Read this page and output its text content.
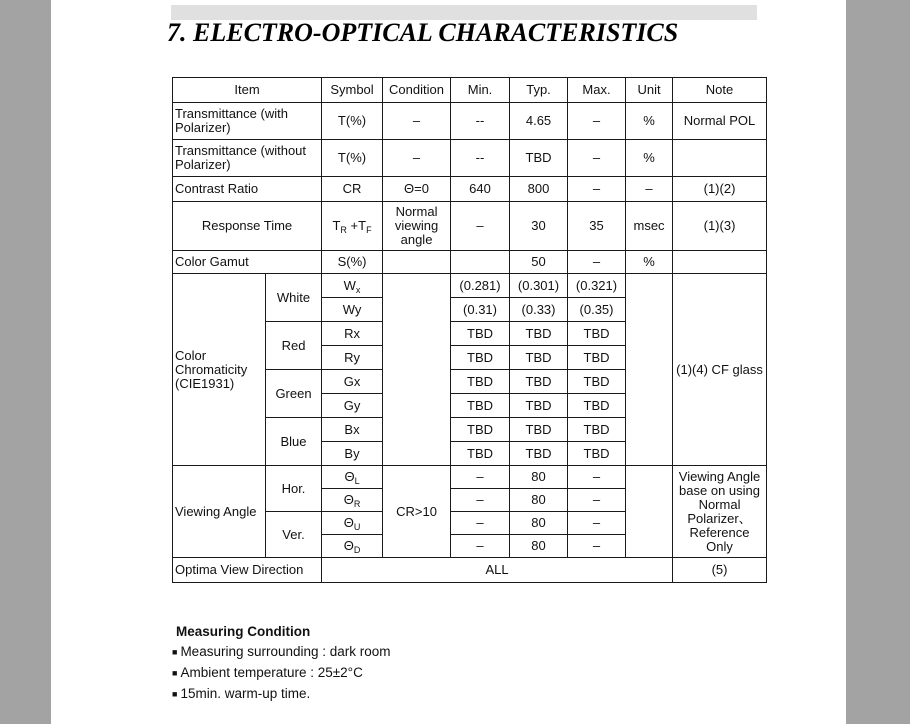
7. ELECTRO-OPTICAL CHARACTERISTICS
Item		Symbol	Condition	Min.	Typ.	Max.	Unit	Note
Transmittance (with Polarizer)		T(%)	–	--	4.65	–	%	Normal POL
Transmittance (without Polarizer)		T(%)	–	--	TBD	–	%	
Contrast Ratio		CR	Θ=0	640	800	–	–	(1)(2)
Response Time		$T_R +T_F$	Normal viewing angle	–	30	35	msec	(1)(3)
Color Gamut		S(%)			50	–	%	
Color Chromaticity (CIE1931)	White	$W_x$		(0.281)	(0.301)	(0.321)		(1)(4) CF glass
		Wy		(0.31)	(0.33)	(0.35)		
	Red	Rx		TBD	TBD	TBD		
		Ry		TBD	TBD	TBD		
	Green	Gx		TBD	TBD	TBD		
		Gy		TBD	TBD	TBD		
	Blue	Bx		TBD	TBD	TBD		
		By		TBD	TBD	TBD		
Viewing Angle	Hor.	$\Theta_L$	CR>10	–	80	–		Viewing Angle base on using Normal Polarizer、Reference Only
		$\Theta_R$		–	80	–		
	Ver.	$\Theta_U$		–	80	–		
		$\Theta_D$		–	80	–		
Optima View Direction		ALL						(5)
Measuring Condition
■ Measuring surrounding : dark room
■ Ambient temperature : 25±2°C
■ 15min. warm-up time.
